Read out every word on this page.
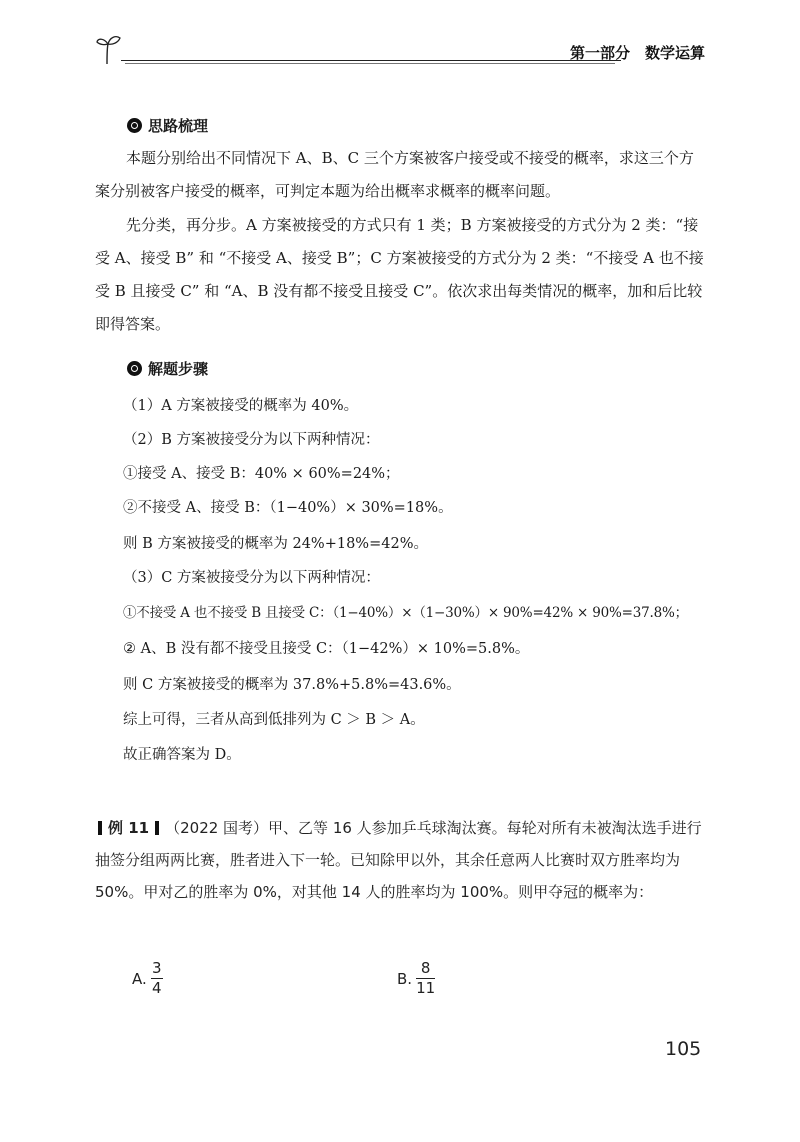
第一部分　数学运算
思路梳理

本题分别给出不同情况下 A、B、C 三个方案被客户接受或不接受的概率，求这三个方案分别被客户接受的概率，可判定本题为给出概率求概率的概率问题。

先分类，再分步。A 方案被接受的方式只有 1 类；B 方案被接受的方式分为 2 类：“接受 A、接受 B” 和 “不接受 A、接受 B”；C 方案被接受的方式分为 2 类：“不接受 A 也不接受 B 且接受 C” 和 “A、B 没有都不接受且接受 C”。依次求出每类情况的概率，加和后比较即得答案。

解题步骤

（1）A 方案被接受的概率为 40%。

（2）B 方案被接受分为以下两种情况：

①接受 A、接受 B：40% × 60%=24%；

②不接受 A、接受 B：（1−40%）× 30%=18%。

则 B 方案被接受的概率为 24%+18%=42%。

（3）C 方案被接受分为以下两种情况：

①不接受 A 也不接受 B 且接受 C：（1−40%）×（1−30%）× 90%=42% × 90%=37.8%；

② A、B 没有都不接受且接受 C：（1−42%）× 10%=5.8%。

则 C 方案被接受的概率为 37.8%+5.8%=43.6%。

综上可得，三者从高到低排列为 C ＞ B ＞ A。

故正确答案为 D。

例 11 （2022 国考）甲、乙等 16 人参加乒乓球淘汰赛。每轮对所有未被淘汰选手进行抽签分组两两比赛，胜者进入下一轮。已知除甲以外，其余任意两人比赛时双方胜率均为 50%。甲对乙的胜率为 0%，对其他 14 人的胜率均为 100%。则甲夺冠的概率为：

A. $\frac{3}{4}$	B. $\frac{8}{11}$
105
